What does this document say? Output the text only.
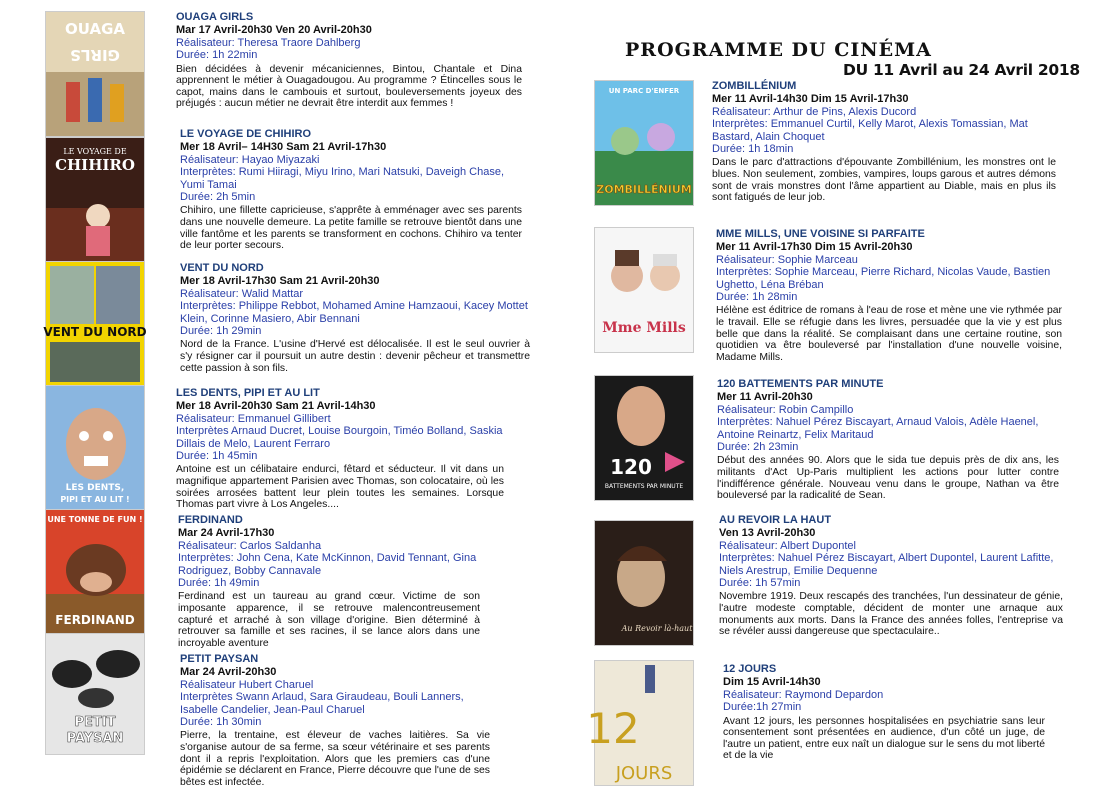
PROGRAMME DU CINÉMA
DU 11 Avril au 24 Avril 2018
OUAGA
GIRLS
LE VOYAGE DE
CHIHIRO
VENT DU NORD
LES DENTS,
PIPI ET AU LIT !
UNE TONNE DE FUN !
FERDINAND
PETIT
PAYSAN
UN PARC D'ENFER
ZOMBILLÉNIUM
Mme Mills
120
BATTEMENTS PAR MINUTE
Au Revoir là-haut
12
JOURS
OUAGA GIRLS
Mar 17 Avril-20h30 Ven 20 Avril-20h30
Réalisateur: Theresa Traore Dahlberg
Durée: 1h 22min
Bien décidées à devenir mécaniciennes, Bintou, Chantale et Dina apprennent le métier à Ouagadougou. Au programme ? Étincelles sous le capot, mains dans le cambouis et surtout, bouleversements joyeux des préjugés : aucun métier ne devrait être interdit aux femmes !
LE VOYAGE DE CHIHIRO
Mer 18 Avril– 14H30 Sam 21 Avril-17h30
Réalisateur: Hayao Miyazaki
Interprètes: Rumi Hiiragi, Miyu Irino, Mari Natsuki, Daveigh Chase, Yumi Tamai
Durée: 2h 5min
Chihiro, une fillette capricieuse, s'apprête à emménager avec ses parents dans une nouvelle demeure. La petite famille se retrouve bientôt dans une ville fantôme et les parents se transforment en cochons. Chihiro va tenter de leur porter secours.
VENT DU NORD
Mer 18 Avril-17h30 Sam 21 Avril-20h30
Réalisateur: Walid Mattar
Interprètes: Philippe Rebbot, Mohamed Amine Hamzaoui, Kacey Mottet Klein, Corinne Masiero, Abir Bennani
Durée: 1h 29min
Nord de la France. L'usine d'Hervé est délocalisée. Il est le seul ouvrier à s'y résigner car il poursuit un autre destin : devenir pêcheur et transmettre cette passion à son fils.
LES DENTS, PIPI ET AU LIT
Mer 18 Avril-20h30 Sam 21 Avril-14h30
Réalisateur: Emmanuel Gillibert
Interprètes Arnaud Ducret, Louise Bourgoin, Timéo Bolland, Saskia Dillais de Melo, Laurent Ferraro
Durée: 1h 45min
Antoine est un célibataire endurci, fêtard et séducteur. Il vit dans un magnifique appartement Parisien avec Thomas, son colocataire, où les soirées arrosées battent leur plein toutes les semaines. Lorsque Thomas part vivre à Los Angeles....
FERDINAND
Mar 24 Avril-17h30
Réalisateur: Carlos Saldanha
Interprètes: John Cena, Kate McKinnon, David Tennant, Gina Rodriguez, Bobby Cannavale
Durée: 1h 49min
Ferdinand est un taureau au grand cœur. Victime de son imposante apparence, il se retrouve malencontreusement capturé et arraché à son village d'origine. Bien déterminé à retrouver sa famille et ses racines, il se lance alors dans une incroyable aventure
PETIT PAYSAN
Mar 24 Avril-20h30
Réalisateur Hubert Charuel
Interprètes Swann Arlaud, Sara Giraudeau, Bouli Lanners, Isabelle Candelier, Jean-Paul Charuel
Durée: 1h 30min
Pierre, la trentaine, est éleveur de vaches laitières. Sa vie s'organise autour de sa ferme, sa sœur vétérinaire et ses parents dont il a repris l'exploitation. Alors que les premiers cas d'une épidémie se déclarent en France, Pierre découvre que l'une de ses bêtes est infectée.
ZOMBILLÉNIUM
Mer 11 Avril-14h30 Dim 15 Avril-17h30
Réalisateur: Arthur de Pins, Alexis Ducord
Interprètes: Emmanuel Curtil, Kelly Marot, Alexis Tomassian, Mat Bastard, Alain Choquet
Durée: 1h 18min
Dans le parc d'attractions d'épouvante Zombillénium, les monstres ont le blues. Non seulement, zombies, vampires, loups garous et autres démons sont de vrais monstres dont l'âme appartient au Diable, mais en plus ils sont fatigués de leur job.
MME MILLS, UNE VOISINE SI PARFAITE
Mer 11 Avril-17h30 Dim 15 Avril-20h30
Réalisateur: Sophie Marceau
Interprètes: Sophie Marceau, Pierre Richard, Nicolas Vaude, Bastien Ughetto, Léna Bréban
Durée: 1h 28min
Hélène est éditrice de romans à l'eau de rose et mène une vie rythmée par le travail. Elle se réfugie dans les livres, persuadée que la vie y est plus belle que dans la réalité. Se complaisant dans une certaine routine, son quotidien va être bouleversé par l'installation d'une nouvelle voisine, Madame Mills.
120 BATTEMENTS PAR MINUTE
Mer 11 Avril-20h30
Réalisateur: Robin Campillo
Interprètes: Nahuel Pérez Biscayart, Arnaud Valois, Adèle Haenel, Antoine Reinartz, Felix Maritaud
Durée: 2h 23min
Début des années 90. Alors que le sida tue depuis près de dix ans, les militants d'Act Up-Paris multiplient les actions pour lutter contre l'indifférence générale. Nouveau venu dans le groupe, Nathan va être bouleversé par la radicalité de Sean.
AU REVOIR LA HAUT
Ven 13 Avril-20h30
Réalisateur: Albert Dupontel
Interprètes: Nahuel Pérez Biscayart, Albert Dupontel, Laurent Lafitte, Niels Arestrup, Emilie Dequenne
Durée: 1h 57min
Novembre 1919. Deux rescapés des tranchées, l'un dessinateur de génie, l'autre modeste comptable, décident de monter une arnaque aux monuments aux morts. Dans la France des années folles, l'entreprise va se révéler aussi dangereuse que spectaculaire..
12 JOURS
Dim 15 Avril-14h30
Réalisateur: Raymond Depardon
Durée:1h 27min
Avant 12 jours, les personnes hospitalisées en psychiatrie sans leur consentement sont présentées en audience, d'un côté un juge, de l'autre un patient, entre eux naît un dialogue sur le sens du mot liberté et de la vie
